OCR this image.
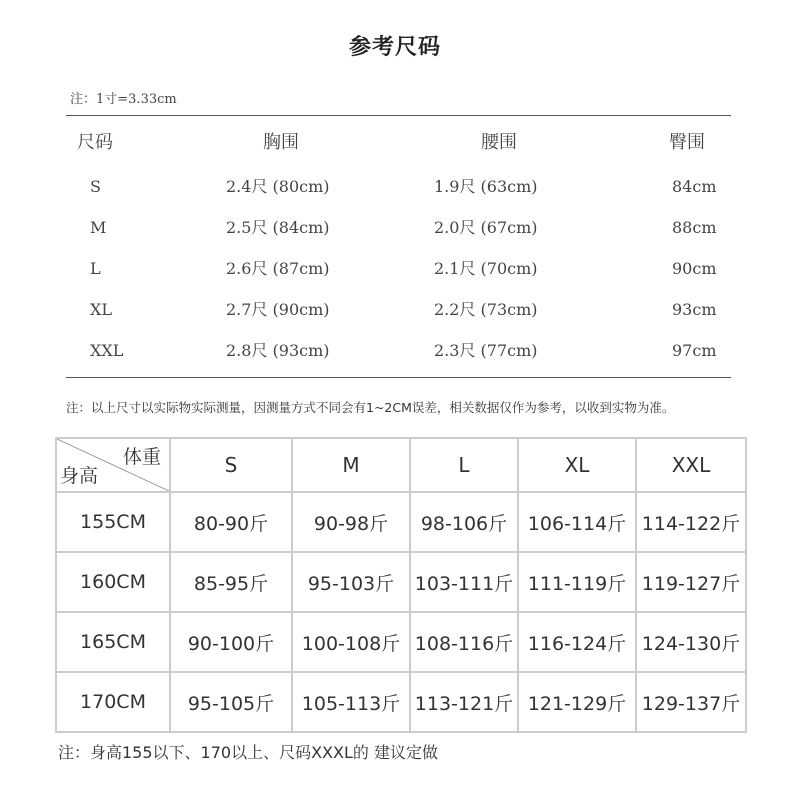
参考尺码
注：1寸=3.33cm
尺码	胸围	腰围	臀围
S	2.4尺 (80cm)	1.9尺 (63cm)	84cm
M	2.5尺 (84cm)	2.0尺 (67cm)	88cm
L	2.6尺 (87cm)	2.1尺 (70cm)	90cm
XL	2.7尺 (90cm)	2.2尺 (73cm)	93cm
XXL	2.8尺 (93cm)	2.3尺 (77cm)	97cm
注：以上尺寸以实际物实际测量，因测量方式不同会有1~2CM误差，相关数据仅作为参考，以收到实物为准。
体重
身高	S	M	L	XL	XXL
155CM	80-90斤	90-98斤	98-106斤	106-114斤	114-122斤
160CM	85-95斤	95-103斤	103-111斤	111-119斤	119-127斤
165CM	90-100斤	100-108斤	108-116斤	116-124斤	124-130斤
170CM	95-105斤	105-113斤	113-121斤	121-129斤	129-137斤
注：身高155以下、170以上、尺码XXXL的 建议定做
